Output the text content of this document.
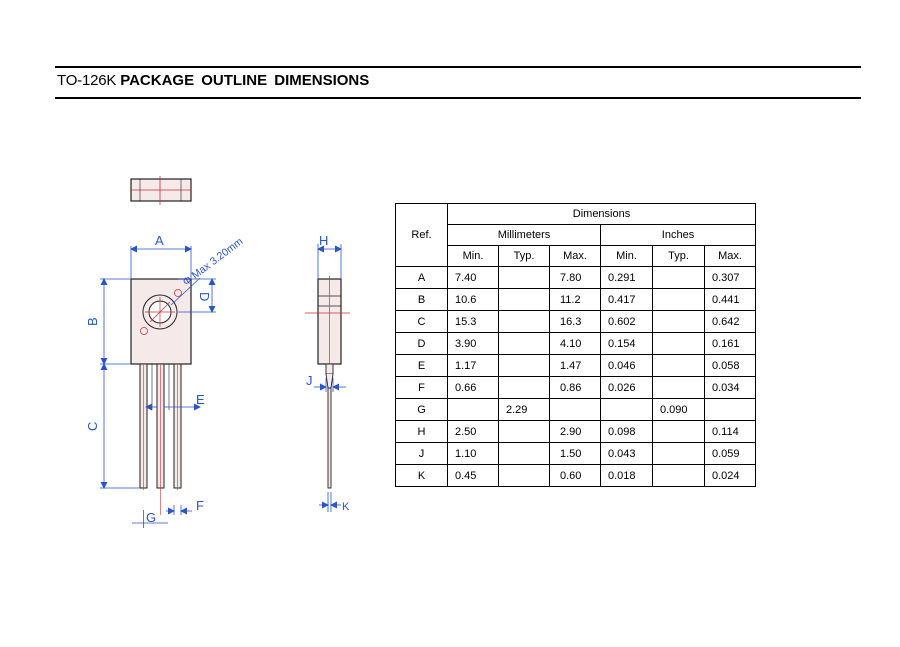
TO-126K PACKAGE OUTLINE DIMENSIONS
A
B
C
D
E
F
G
H
J
K
Φ Max 3.20mm
Ref.	Dimensions					
	Millimeters			Inches		
	Min.	Typ.	Max.	Min.	Typ.	Max.
A	7.40		7.80	0.291		0.307
B	10.6		11.2	0.417		0.441
C	15.3		16.3	0.602		0.642
D	3.90		4.10	0.154		0.161
E	1.17		1.47	0.046		0.058
F	0.66		0.86	0.026		0.034
G		2.29			0.090	
H	2.50		2.90	0.098		0.114
J	1.10		1.50	0.043		0.059
K	0.45		0.60	0.018		0.024
